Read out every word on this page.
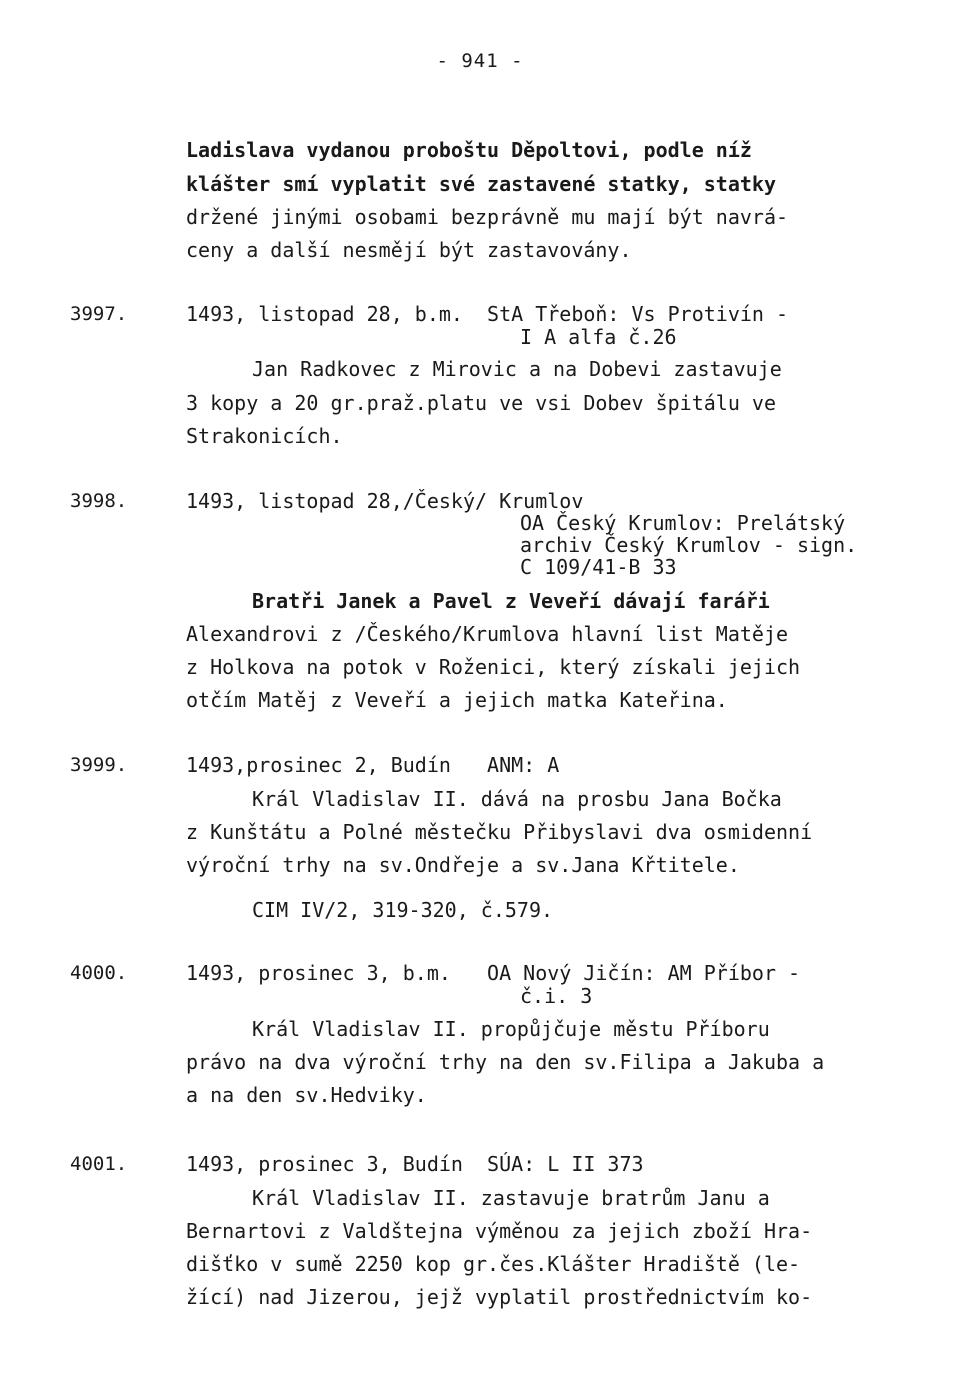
- 941 -
Ladislava vydanou proboštu Děpoltovi, podle níž
klášter smí vyplatit své zastavené statky, statky
držené jinými osobami bezprávně mu mají být navrá-
ceny a další nesmějí být zastavovány.
3997.	1493, listopad 28, b.m.  StA Třeboň: Vs Protivín -
I A alfa č.26
Jan Radkovec z Mirovic a na Dobevi zastavuje
3 kopy a 20 gr.praž.platu ve vsi Dobev špitálu ve
Strakonicích.
3998.	1493, listopad 28,/Český/ Krumlov
OA Český Krumlov: Prelátský
archiv Český Krumlov - sign.
C 109/41-B 33
Bratři Janek a Pavel z Veveří dávají faráři
Alexandrovi z /Českého/Krumlova hlavní list Matěje
z Holkova na potok v Roženici, který získali jejich
otčím Matěj z Veveří a jejich matka Kateřina.
3999.	1493,prosinec 2, Budín   ANM: A
Král Vladislav II. dává na prosbu Jana Bočka
z Kunštátu a Polné městečku Přibyslavi dva osmidenní
výroční trhy na sv.Ondřeje a sv.Jana Křtitele.
CIM IV/2, 319-320, č.579.
4000.	1493, prosinec 3, b.m.   OA Nový Jičín: AM Příbor -
č.i. 3
Král Vladislav II. propůjčuje městu Příboru
právo na dva výroční trhy na den sv.Filipa a Jakuba a
a na den sv.Hedviky.
4001.	1493, prosinec 3, Budín  SÚA: L II 373
Král Vladislav II. zastavuje bratrům Janu a
Bernartovi z Valdštejna výměnou za jejich zboží Hra-
dišťko v sumě 2250 kop gr.čes.Klášter Hradiště (le-
žící) nad Jizerou, jejž vyplatil prostřednictvím ko-
